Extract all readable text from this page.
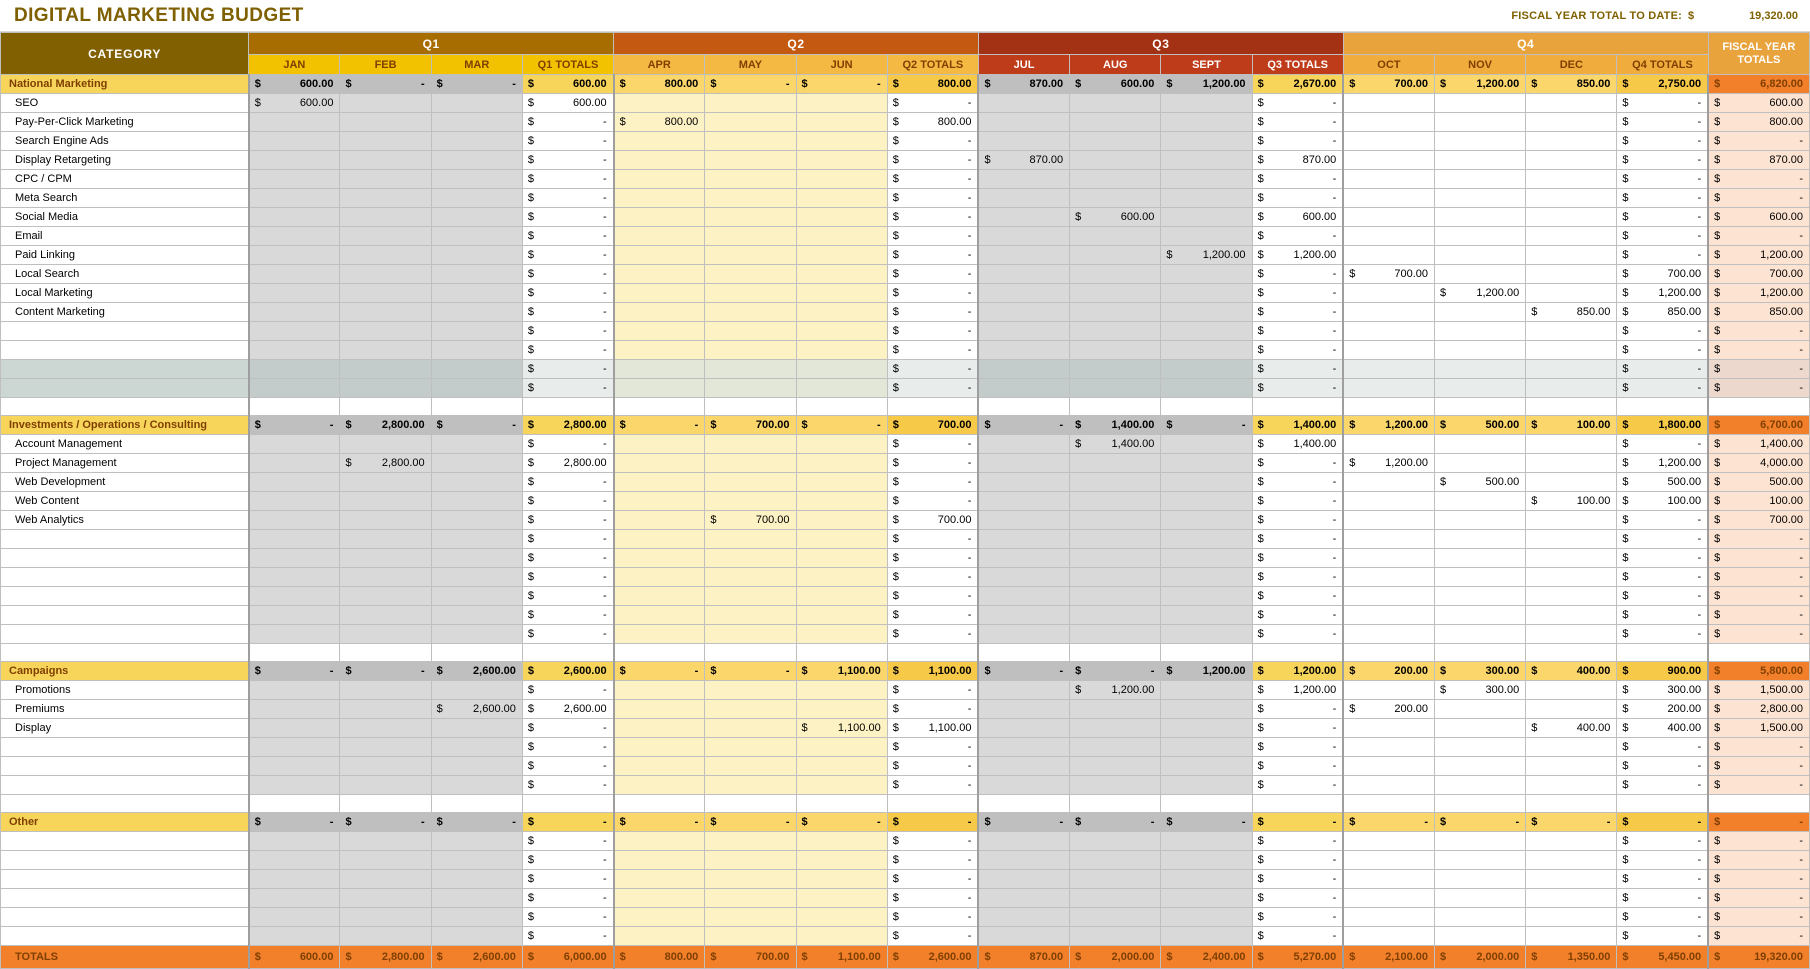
DIGITAL MARKETING BUDGET	FISCAL YEAR TOTAL TO DATE: $	19,320.00
CATEGORY	Q1				Q2				Q3				Q4				FISCAL YEAR
TOTALS

	JAN	FEB	MAR	Q1 TOTALS	APR	MAY	JUN	Q2 TOTALS	JUL	AUG	SEPT	Q3 TOTALS	OCT	NOV	DEC	Q4 TOTALS	
National Marketing	$ 600.00	$ -	$ -	$ 600.00	$ 800.00	$ -	$ -	$ 800.00	$ 870.00	$ 600.00	$ 1,200.00	$ 2,670.00	$ 700.00	$ 1,200.00	$ 850.00	$ 2,750.00	$ 6,820.00

SEO	$ 600.00			$ 600.00				$ -				$ -				$ -	$ 600.00

Pay-Per-Click Marketing				$ -	$ 800.00			$ 800.00				$ -				$ -	$ 800.00

Search Engine Ads				$ -				$ -				$ -				$ -	$ -

Display Retargeting				$ -				$ -	$ 870.00			$ 870.00				$ -	$ 870.00

CPC / CPM				$ -				$ -				$ -				$ -	$ -

Meta Search				$ -				$ -				$ -				$ -	$ -

Social Media				$ -				$ -		$ 600.00		$ 600.00				$ -	$ 600.00

Email				$ -				$ -				$ -				$ -	$ -

Paid Linking				$ -				$ -			$ 1,200.00	$ 1,200.00				$ -	$ 1,200.00

Local Search				$ -				$ -				$ -	$ 700.00			$ 700.00	$ 700.00

Local Marketing				$ -				$ -				$ -		$ 1,200.00		$ 1,200.00	$ 1,200.00

Content Marketing				$ -				$ -				$ -			$ 850.00	$ 850.00	$ 850.00

				$ -				$ -				$ -				$ -	$ -

				$ -				$ -				$ -				$ -	$ -

				$ -				$ -				$ -				$ -	$ -

				$ -				$ -				$ -				$ -	$ -

Investments / Operations / Consulting	$ -	$ 2,800.00	$ -	$ 2,800.00	$ -	$ 700.00	$ -	$ 700.00	$ -	$ 1,400.00	$ -	$ 1,400.00	$ 1,200.00	$ 500.00	$ 100.00	$ 1,800.00	$ 6,700.00

Account Management				$ -				$ -		$ 1,400.00		$ 1,400.00				$ -	$ 1,400.00

Project Management		$ 2,800.00		$ 2,800.00				$ -				$ -	$ 1,200.00			$ 1,200.00	$ 4,000.00

Web Development				$ -				$ -				$ -		$ 500.00		$ 500.00	$ 500.00

Web Content				$ -				$ -				$ -			$ 100.00	$ 100.00	$ 100.00

Web Analytics				$ -		$ 700.00		$ 700.00				$ -				$ -	$ 700.00

				$ -				$ -				$ -				$ -	$ -

				$ -				$ -				$ -				$ -	$ -

				$ -				$ -				$ -				$ -	$ -

				$ -				$ -				$ -				$ -	$ -

				$ -				$ -				$ -				$ -	$ -

				$ -				$ -				$ -				$ -	$ -

Campaigns	$ -	$ -	$ 2,600.00	$ 2,600.00	$ -	$ -	$ 1,100.00	$ 1,100.00	$ -	$ -	$ 1,200.00	$ 1,200.00	$ 200.00	$ 300.00	$ 400.00	$ 900.00	$ 5,800.00

Promotions				$ -				$ -		$ 1,200.00		$ 1,200.00		$ 300.00		$ 300.00	$ 1,500.00

Premiums			$ 2,600.00	$ 2,600.00				$ -				$ -	$ 200.00			$ 200.00	$ 2,800.00

Display				$ -			$ 1,100.00	$ 1,100.00				$ -			$ 400.00	$ 400.00	$ 1,500.00

				$ -				$ -				$ -				$ -	$ -

				$ -				$ -				$ -				$ -	$ -

				$ -				$ -				$ -				$ -	$ -

Other	$ -	$ -	$ -	$ -	$ -	$ -	$ -	$ -	$ -	$ -	$ -	$ -	$ -	$ -	$ -	$ -	$ -

				$ -				$ -				$ -				$ -	$ -

				$ -				$ -				$ -				$ -	$ -

				$ -				$ -				$ -				$ -	$ -

				$ -				$ -				$ -				$ -	$ -

				$ -				$ -				$ -				$ -	$ -

				$ -				$ -				$ -				$ -	$ -

TOTALS	$ 600.00	$ 2,800.00	$ 2,600.00	$ 6,000.00	$ 800.00	$ 700.00	$ 1,100.00	$ 2,600.00	$ 870.00	$ 2,000.00	$ 2,400.00	$ 5,270.00	$ 2,100.00	$ 2,000.00	$ 1,350.00	$ 5,450.00	$ 19,320.00
